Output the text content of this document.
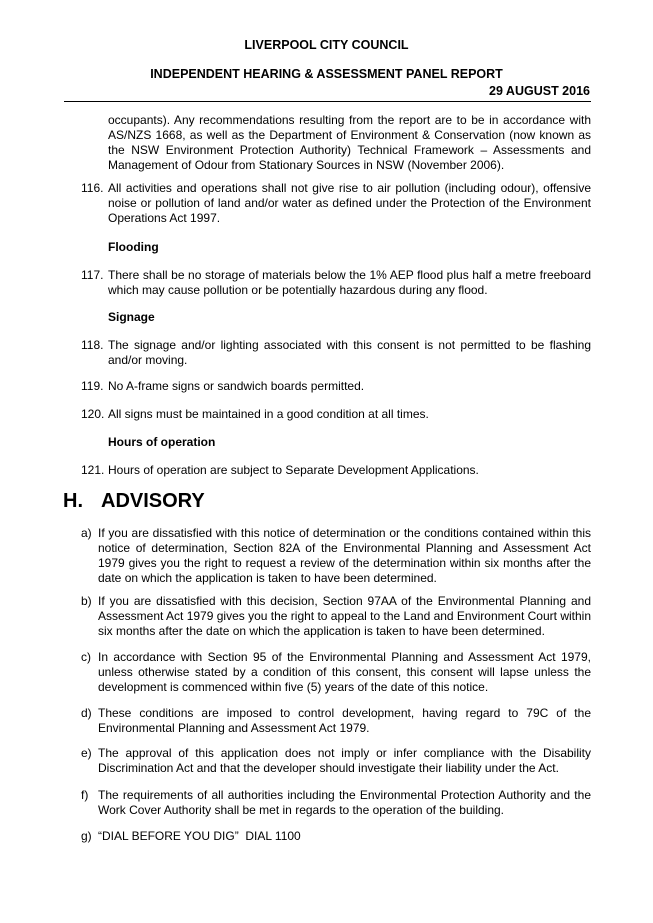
LIVERPOOL CITY COUNCIL
INDEPENDENT HEARING & ASSESSMENT PANEL REPORT
29 AUGUST 2016
occupants). Any recommendations resulting from the report are to be in accordance with AS/NZS 1668, as well as the Department of Environment & Conservation (now known as the NSW Environment Protection Authority) Technical Framework – Assessments and Management of Odour from Stationary Sources in NSW (November 2006).
116. All activities and operations shall not give rise to air pollution (including odour), offensive noise or pollution of land and/or water as defined under the Protection of the Environment Operations Act 1997.
Flooding
117. There shall be no storage of materials below the 1% AEP flood plus half a metre freeboard which may cause pollution or be potentially hazardous during any flood.
Signage
118. The signage and/or lighting associated with this consent is not permitted to be flashing and/or moving.
119. No A-frame signs or sandwich boards permitted.
120. All signs must be maintained in a good condition at all times.
Hours of operation
121. Hours of operation are subject to Separate Development Applications.
H. ADVISORY
a) If you are dissatisfied with this notice of determination or the conditions contained within this notice of determination, Section 82A of the Environmental Planning and Assessment Act 1979 gives you the right to request a review of the determination within six months after the date on which the application is taken to have been determined.
b) If you are dissatisfied with this decision, Section 97AA of the Environmental Planning and Assessment Act 1979 gives you the right to appeal to the Land and Environment Court within six months after the date on which the application is taken to have been determined.
c) In accordance with Section 95 of the Environmental Planning and Assessment Act 1979, unless otherwise stated by a condition of this consent, this consent will lapse unless the development is commenced within five (5) years of the date of this notice.
d) These conditions are imposed to control development, having regard to 79C of the Environmental Planning and Assessment Act 1979.
e) The approval of this application does not imply or infer compliance with the Disability Discrimination Act and that the developer should investigate their liability under the Act.
f) The requirements of all authorities including the Environmental Protection Authority and the Work Cover Authority shall be met in regards to the operation of the building.
g) “DIAL BEFORE YOU DIG”  DIAL 1100
